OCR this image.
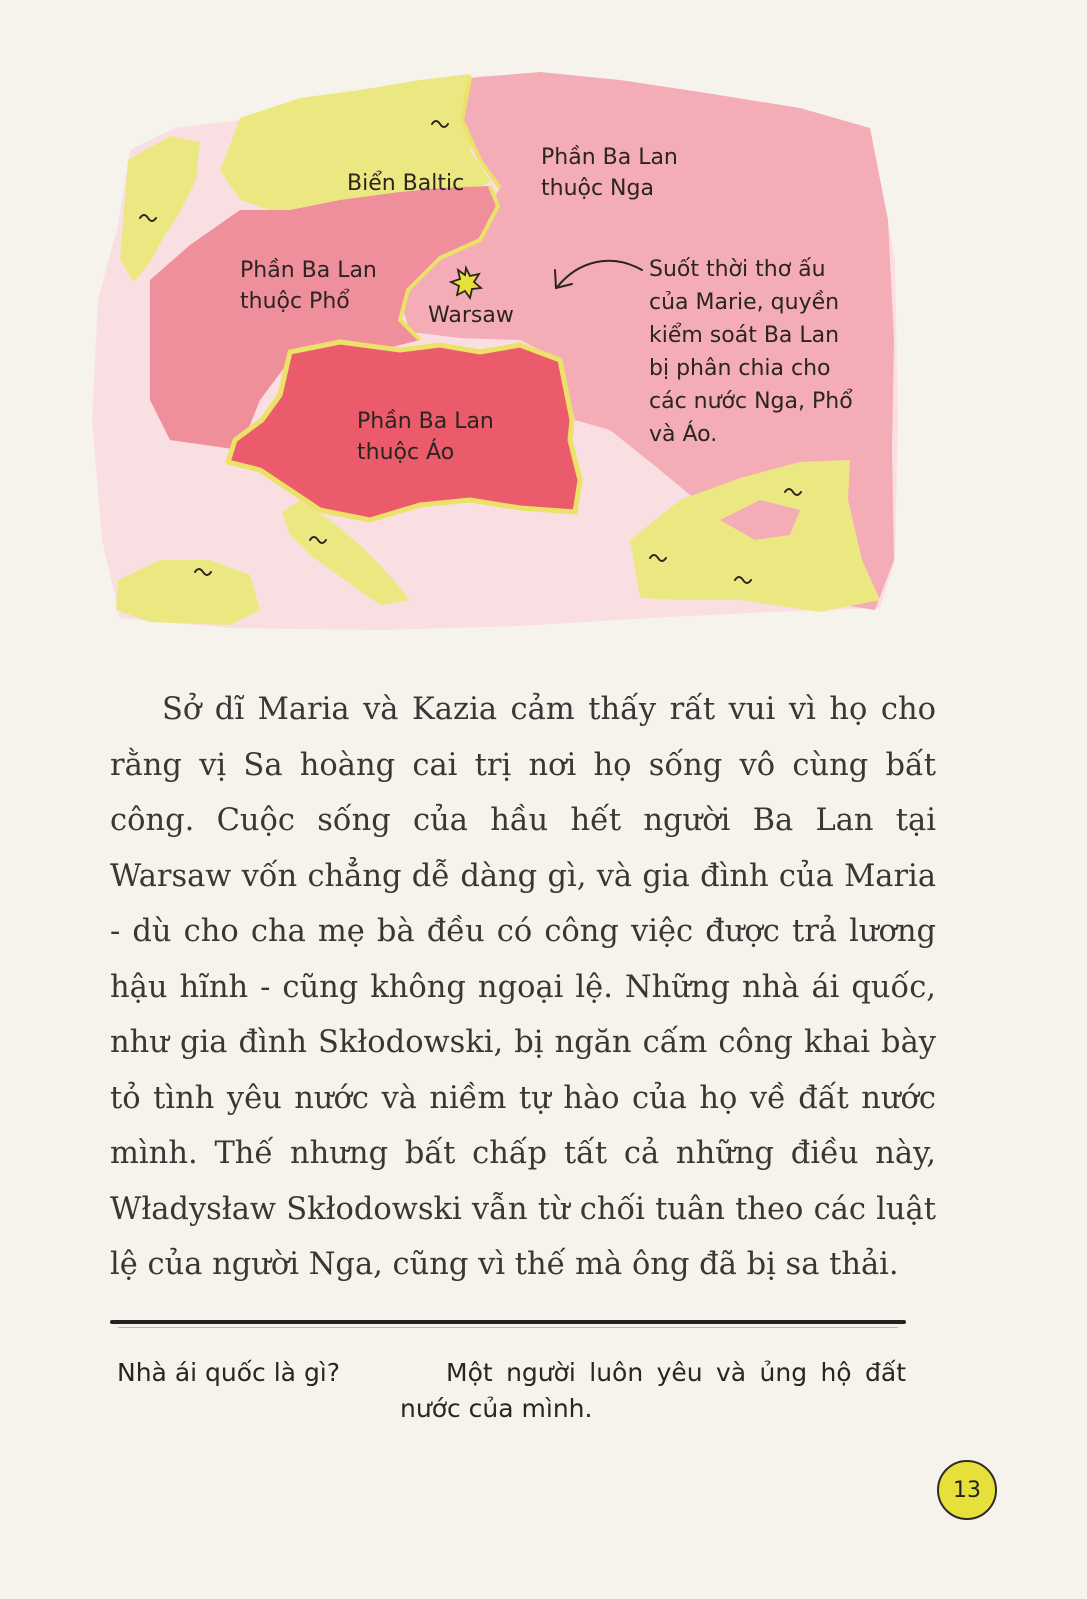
Biển Baltic
Phần Ba Lan
thuộc Nga
Phần Ba Lan
thuộc Phổ
Warsaw
Phần Ba Lan
thuộc Áo
Suốt thời thơ ấu
của Marie, quyền
kiểm soát Ba Lan
bị phân chia cho
các nước Nga, Phổ
và Áo.

Sở dĩ Maria và Kazia cảm thấy rất vui vì họ cho rằng vị Sa hoàng cai trị nơi họ sống vô cùng bất công. Cuộc sống của hầu hết người Ba Lan tại Warsaw vốn chẳng dễ dàng gì, và gia đình của Maria - dù cho cha mẹ bà đều có công việc được trả lương hậu hĩnh - cũng không ngoại lệ. Những nhà ái quốc, như gia đình Skłodowski, bị ngăn cấm công khai bày tỏ tình yêu nước và niềm tự hào của họ về đất nước mình. Thế nhưng bất chấp tất cả những điều này, Władysław Skłodowski vẫn từ chối tuân theo các luật lệ của người Nga, cũng vì thế mà ông đã bị sa thải.

Nhà ái quốc là gì?	Một người luôn yêu và ủng hộ đất nước của mình.
13
